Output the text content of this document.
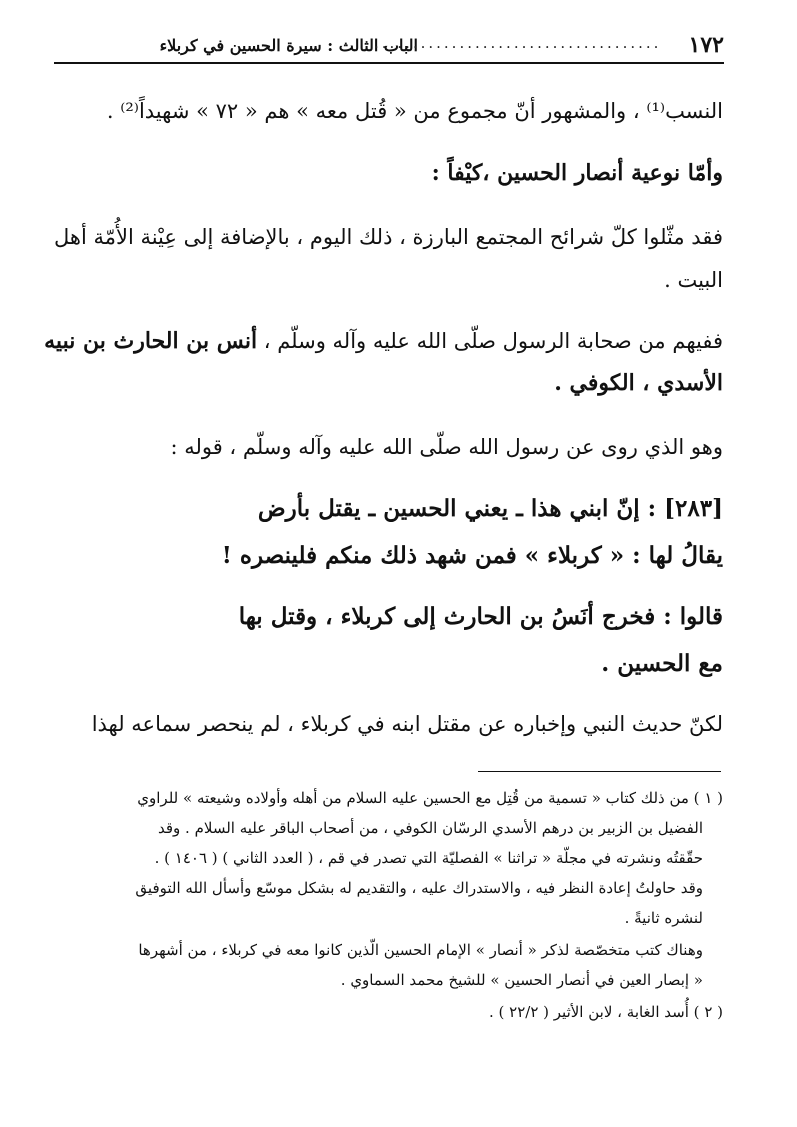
١٧٢
الباب الثالث : سيرة الحسين في كربلاء
.....................................
النسب⁽¹⁾ ، والمشهور أنّ مجموع من « قُتل معه » هم « ٧٢ » شهيداً⁽²⁾ .
وأمّا نوعية أنصار الحسين ،كيْفاً :
فقد مثّلوا كلّ شرائح المجتمع البارزة ، ذلك اليوم ، بالإضافة إلى عِيْنة الأُمّة أهل
البيت .
ففيهم من صحابة الرسول صلّى الله عليه وآله وسلّم ، أنس بن الحارث بن نبيه
الأسدي ، الكوفي .
وهو الذي روى عن رسول الله صلّى الله عليه وآله وسلّم ، قوله :
[٢٨٣] : إنّ ابني هذا ـ يعني الحسين ـ يقتل بأرض
يقالُ لها : « كربلاء » فمن شهد ذلك منكم فلينصره !
قالوا : فخرج أنَسُ بن الحارث إلى كربلاء ، وقتل بها
مع الحسين .
لكنّ حديث النبي وإخباره عن مقتل ابنه في كربلاء ، لم ينحصر سماعه لهذا
( ١ ) من ذلك كتاب « تسمية من قُتِل مع الحسين عليه السلام من أهله وأولاده وشيعته » للراوي
الفضيل بن الزبير بن درهم الأسدي الرسّان الكوفي ، من أصحاب الباقر عليه السلام . وقد
حقّقتُه ونشرته في مجلّة « تراثنا » الفصليّة التي تصدر في قم ، ( العدد الثاني ) ( ١٤٠٦ ) .
وقد حاولتُ إعادة النظر فيه ، والاستدراك عليه ، والتقديم له بشكل موسّع وأسأل الله التوفيق
لنشره ثانيةً .
وهناك كتب متخصّصة لذكر « أنصار » الإمام الحسين الّذين كانوا معه في كربلاء ، من أشهرها
« إبصار العين في أنصار الحسين » للشيخ محمد السماوي .
( ٢ ) أُسد الغابة ، لابن الأثير ( ٢٢/٢ ) .
